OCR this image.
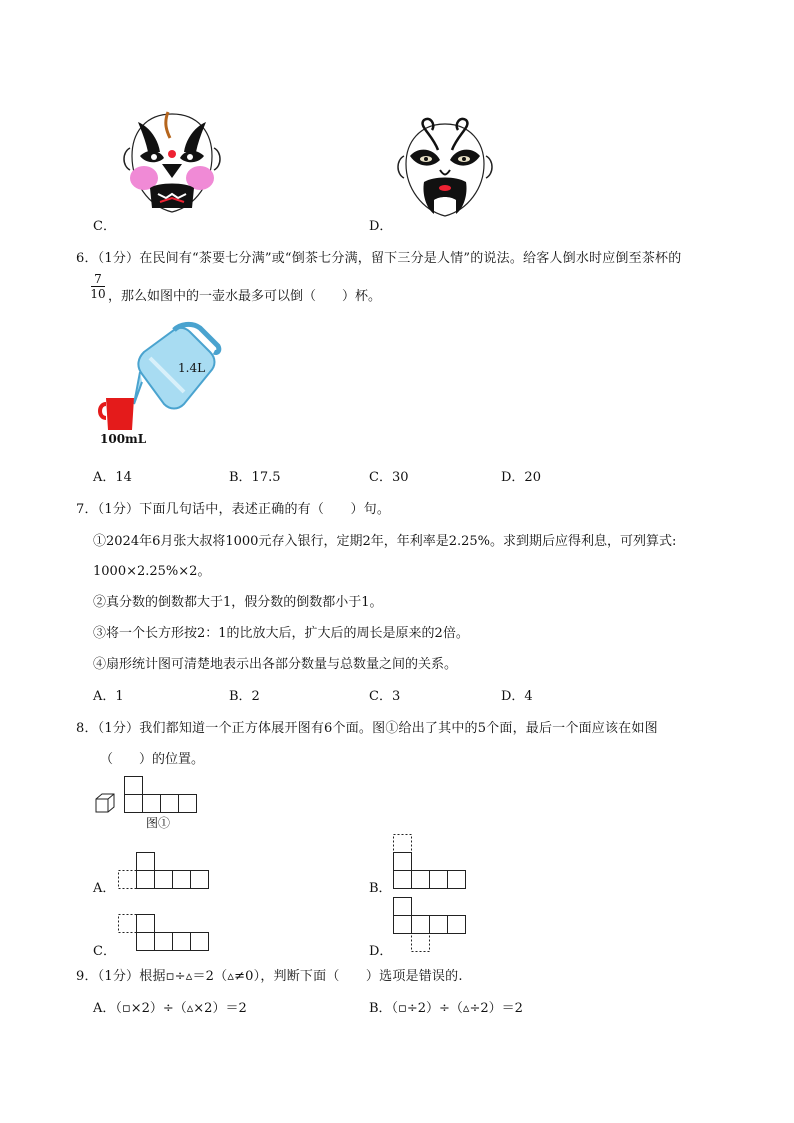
C．	D．
6．（1分）在民间有“茶要七分满”或“倒茶七分满，留下三分是人情”的说法。给客人倒水时应倒至茶杯的
7
10 ，那么如图中的一壶水最多可以倒（　　）杯。
1.4L
100mL
A．14	B．17.5	C．30	D．20
7．（1分）下面几句话中，表述正确的有（　　）句。
①2024年6月张大叔将1000元存入银行，定期2年，年利率是2.25%。求到期后应得利息，可列算式:
1000×2.25%×2。
②真分数的倒数都大于1，假分数的倒数都小于1。
③将一个长方形按2：1的比放大后，扩大后的周长是原来的2倍。
④扇形统计图可清楚地表示出各部分数量与总数量之间的关系。
A．1	B．2	C．3	D．4
8．（1分）我们都知道一个正方体展开图有6个面。图①给出了其中的5个面，最后一个面应该在如图
（　　）的位置。
图①
A．	B．
C．	D．
9．（1分）根据▫÷▵＝2（▵≠0），判断下面（　　）选项是错误的.
A．（▫×2）÷（▵×2）＝2	B．（▫÷2）÷（▵÷2）＝2
